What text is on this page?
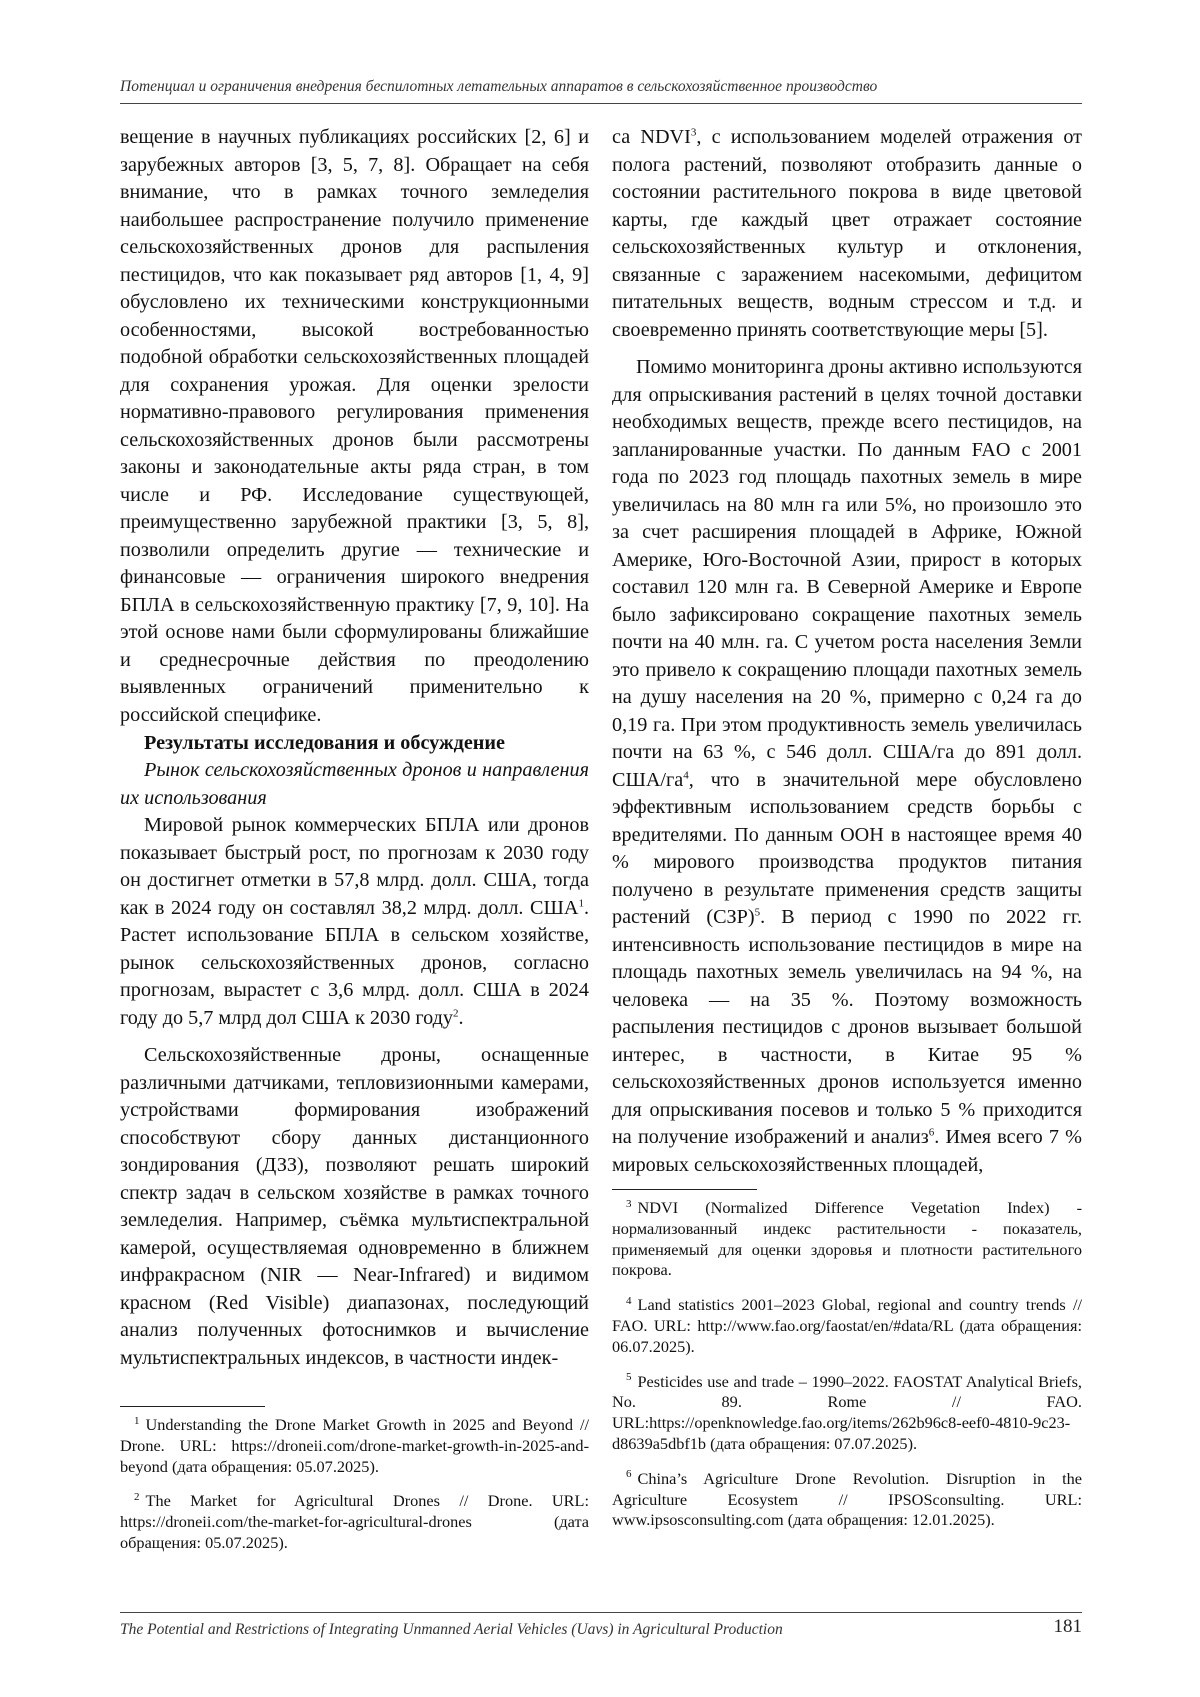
Потенциал и ограничения внедрения беспилотных летательных аппаратов в сельскохозяйственное производство

вещение в научных публикациях российских [2, 6] и зарубежных авторов [3, 5, 7, 8]. Обращает на себя внимание, что в рамках точного земледелия наибольшее распространение получило применение сельскохозяйственных дронов для распыления пестицидов, что как показывает ряд авторов [1, 4, 9] обусловлено их техническими конструкционными особенностями, высокой востребованностью подобной обработки сельскохозяйственных площадей для сохранения урожая. Для оценки зрелости нормативно-правового регулирования применения сельскохозяйственных дронов были рассмотрены законы и законодательные акты ряда стран, в том числе и РФ. Исследование существующей, преимущественно зарубежной практики [3, 5, 8], позволили определить другие — технические и финансовые — ограничения широкого внедрения БПЛА в сельскохозяйственную практику [7, 9, 10]. На этой основе нами были сформулированы ближайшие и среднесрочные действия по преодолению выявленных ограничений применительно к российской специфике.

Результаты исследования и обсуждение
Рынок сельскохозяйственных дронов и направления их использования

Мировой рынок коммерческих БПЛА или дронов показывает быстрый рост, по прогнозам к 2030 году он достигнет отметки в 57,8 млрд. долл. США, тогда как в 2024 году он составлял 38,2 млрд. долл. США$^1$. Растет использование БПЛА в сельском хозяйстве, рынок сельскохозяйственных дронов, согласно прогнозам, вырастет с 3,6 млрд. долл. США в 2024 году до 5,7 млрд дол США к 2030 году$^2$.

Сельскохозяйственные дроны, оснащенные различными датчиками, тепловизионными камерами, устройствами формирования изображений способствуют сбору данных дистанционного зондирования (ДЗЗ), позволяют решать широкий спектр задач в сельском хозяйстве в рамках точного земледелия. Например, съёмка мультиспектральной камерой, осуществляемая одновременно в ближнем инфракрасном (NIR — Near-Infrared) и видимом красном (Red Visible) диапазонах, последующий анализ полученных фотоснимков и вычисление мультиспектральных индексов, в частности индек-

$^1$ Understanding the Drone Market Growth in 2025 and Beyond // Drone. URL: https://droneii.com/drone-market-growth-in-2025-and-beyond (дата обращения: 05.07.2025).

$^2$ The Market for Agricultural Drones // Drone. URL: https://droneii.com/the-market-for-agricultural-drones (дата обращения: 05.07.2025).

са NDVI$^3$, с использованием моделей отражения от полога растений, позволяют отобразить данные о состоянии растительного покрова в виде цветовой карты, где каждый цвет отражает состояние сельскохозяйственных культур и отклонения, связанные с заражением насекомыми, дефицитом питательных веществ, водным стрессом и т.д. и своевременно принять соответствующие меры [5].

Помимо мониторинга дроны активно используются для опрыскивания растений в целях точной доставки необходимых веществ, прежде всего пестицидов, на запланированные участки. По данным FAO с 2001 года по 2023 год площадь пахотных земель в мире увеличилась на 80 млн га или 5%, но произошло это за счет расширения площадей в Африке, Южной Америке, Юго-Восточной Азии, прирост в которых составил 120 млн га. В Северной Америке и Европе было зафиксировано сокращение пахотных земель почти на 40 млн. га. С учетом роста населения Земли это привело к сокращению площади пахотных земель на душу населения на 20 %, примерно с 0,24 га до 0,19 га. При этом продуктивность земель увеличилась почти на 63 %, с 546 долл. США/га до 891 долл. США/$га^4$, что в значительной мере обусловлено эффективным использованием средств борьбы с вредителями. По данным ООН в настоящее время 40 % мирового производства продуктов питания получено в результате применения средств защиты растений (СЗР)$^5$. В период с 1990 по 2022 гг. интенсивность использование пестицидов в мире на площадь пахотных земель увеличилась на 94 %, на человека — на 35 %. Поэтому возможность распыления пестицидов с дронов вызывает большой интерес, в частности, в Китае 95 % сельскохозяйственных дронов используется именно для опрыскивания посевов и только 5 % приходится на получение изображений и анализ$^6$. Имея всего 7 % мировых сельскохозяйственных площадей,

$^3$ NDVI (Normalized Difference Vegetation Index) - нормализованный индекс растительности - показатель, применяемый для оценки здоровья и плотности растительного покрова.

$^4$ Land statistics 2001–2023 Global, regional and country trends // FAO. URL: http://www.fao.org/faostat/en/#data/RL (дата обращения: 06.07.2025).

$^5$ Pesticides use and trade – 1990–2022. FAOSTAT Analytical Briefs, No. 89. Rome // FAO. URL:https://openknowledge.fao.org/items/262b96c8-eef0-4810-9c23-d8639a5dbf1b (дата обращения: 07.07.2025).

$^6$ China’s Agriculture Drone Revolution. Disruption in the Agriculture Ecosystem // IPSOSconsulting. URL: www.ipsosconsulting.com (дата обращения: 12.01.2025).

The Potential and Restrictions of Integrating Unmanned Aerial Vehicles (Uavs) in Agricultural Production	181
